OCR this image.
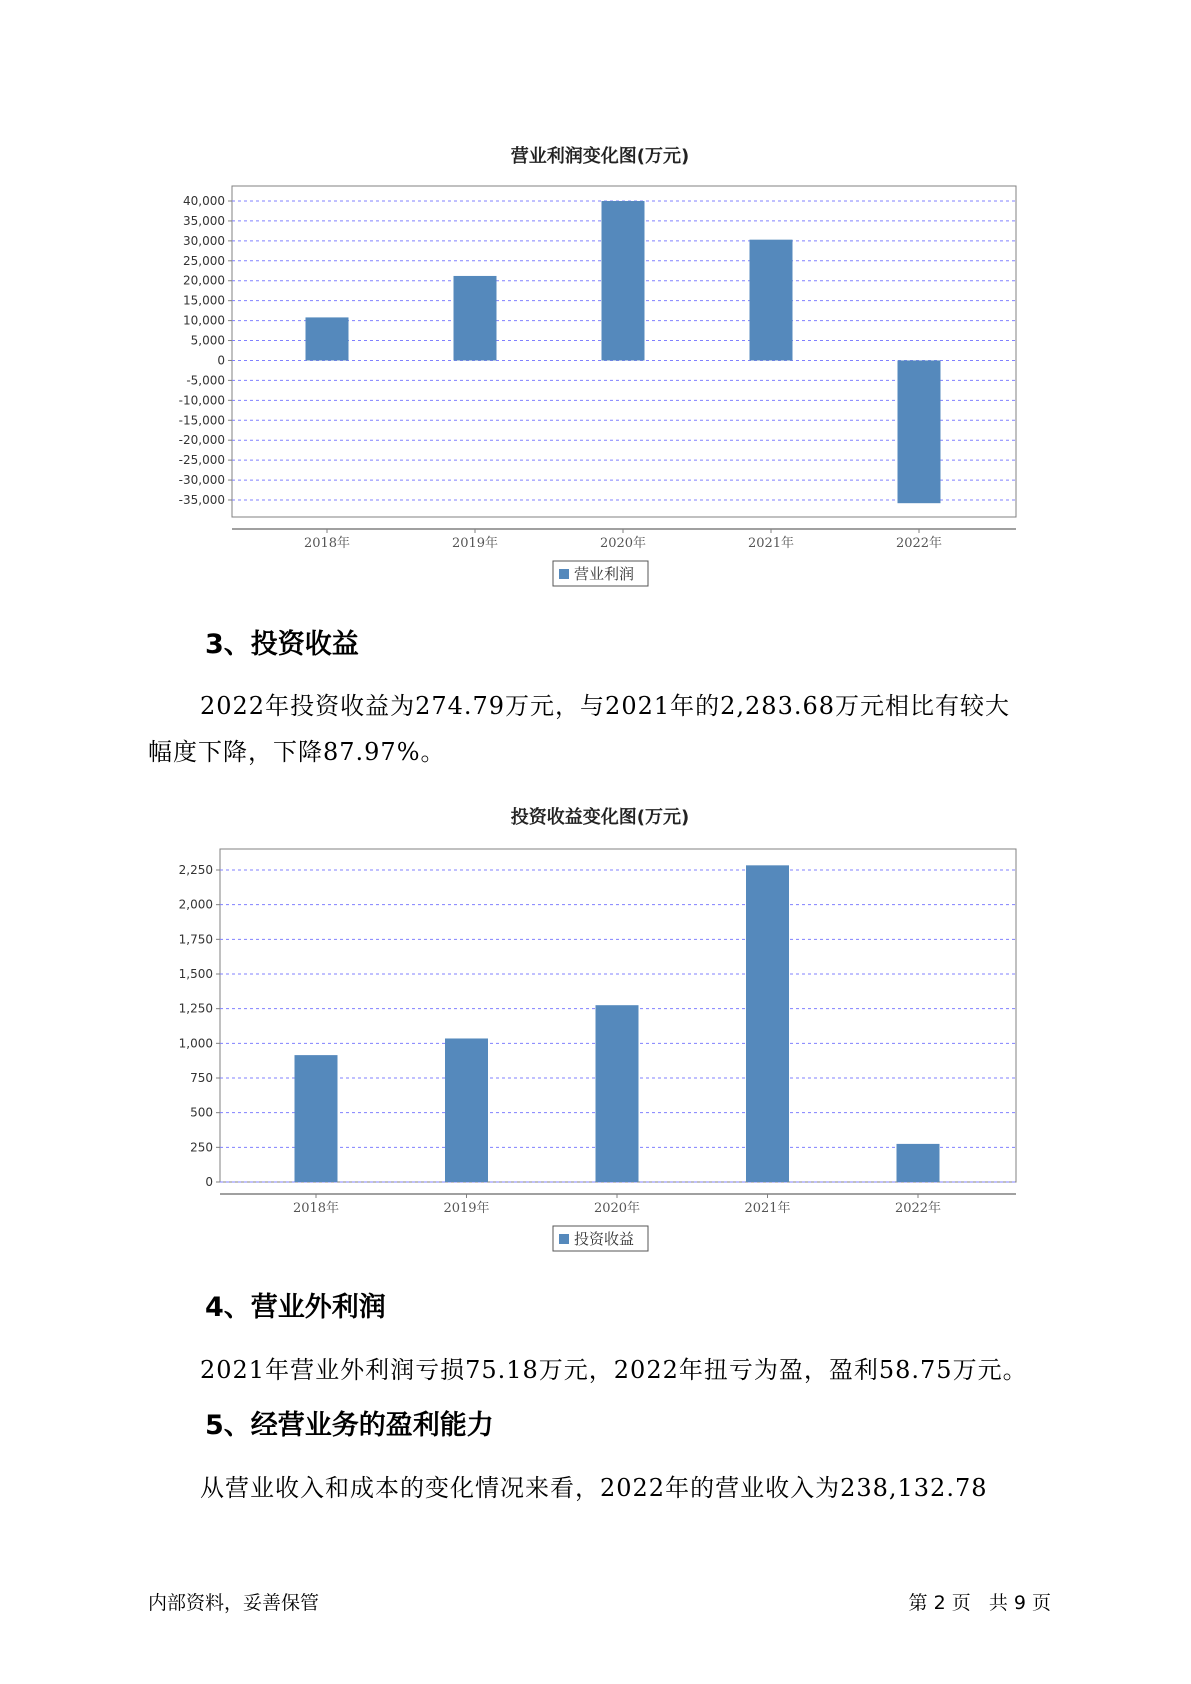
营业利润变化图(万元)
40,000
35,000
30,000
25,000
20,000
15,000
10,000
5,000
0
-5,000
-10,000
-15,000
-20,000
-25,000
-30,000
-35,000
2018年	2019年	2020年	2021年	2022年
营业利润
3、投资收益

2022年投资收益为274.79万元，与2021年的2,283.68万元相比有较大

幅度下降，下降87.97%。

投资收益变化图(万元)
2,250
2,000
1,750
1,500
1,250
1,000
750
500
250
0
2018年	2019年	2020年	2021年	2022年
投资收益
4、营业外利润

2021年营业外利润亏损75.18万元，2022年扭亏为盈，盈利58.75万元。

5、经营业务的盈利能力

从营业收入和成本的变化情况来看，2022年的营业收入为238,132.78

内部资料，妥善保管	第 2 页   共 9 页
